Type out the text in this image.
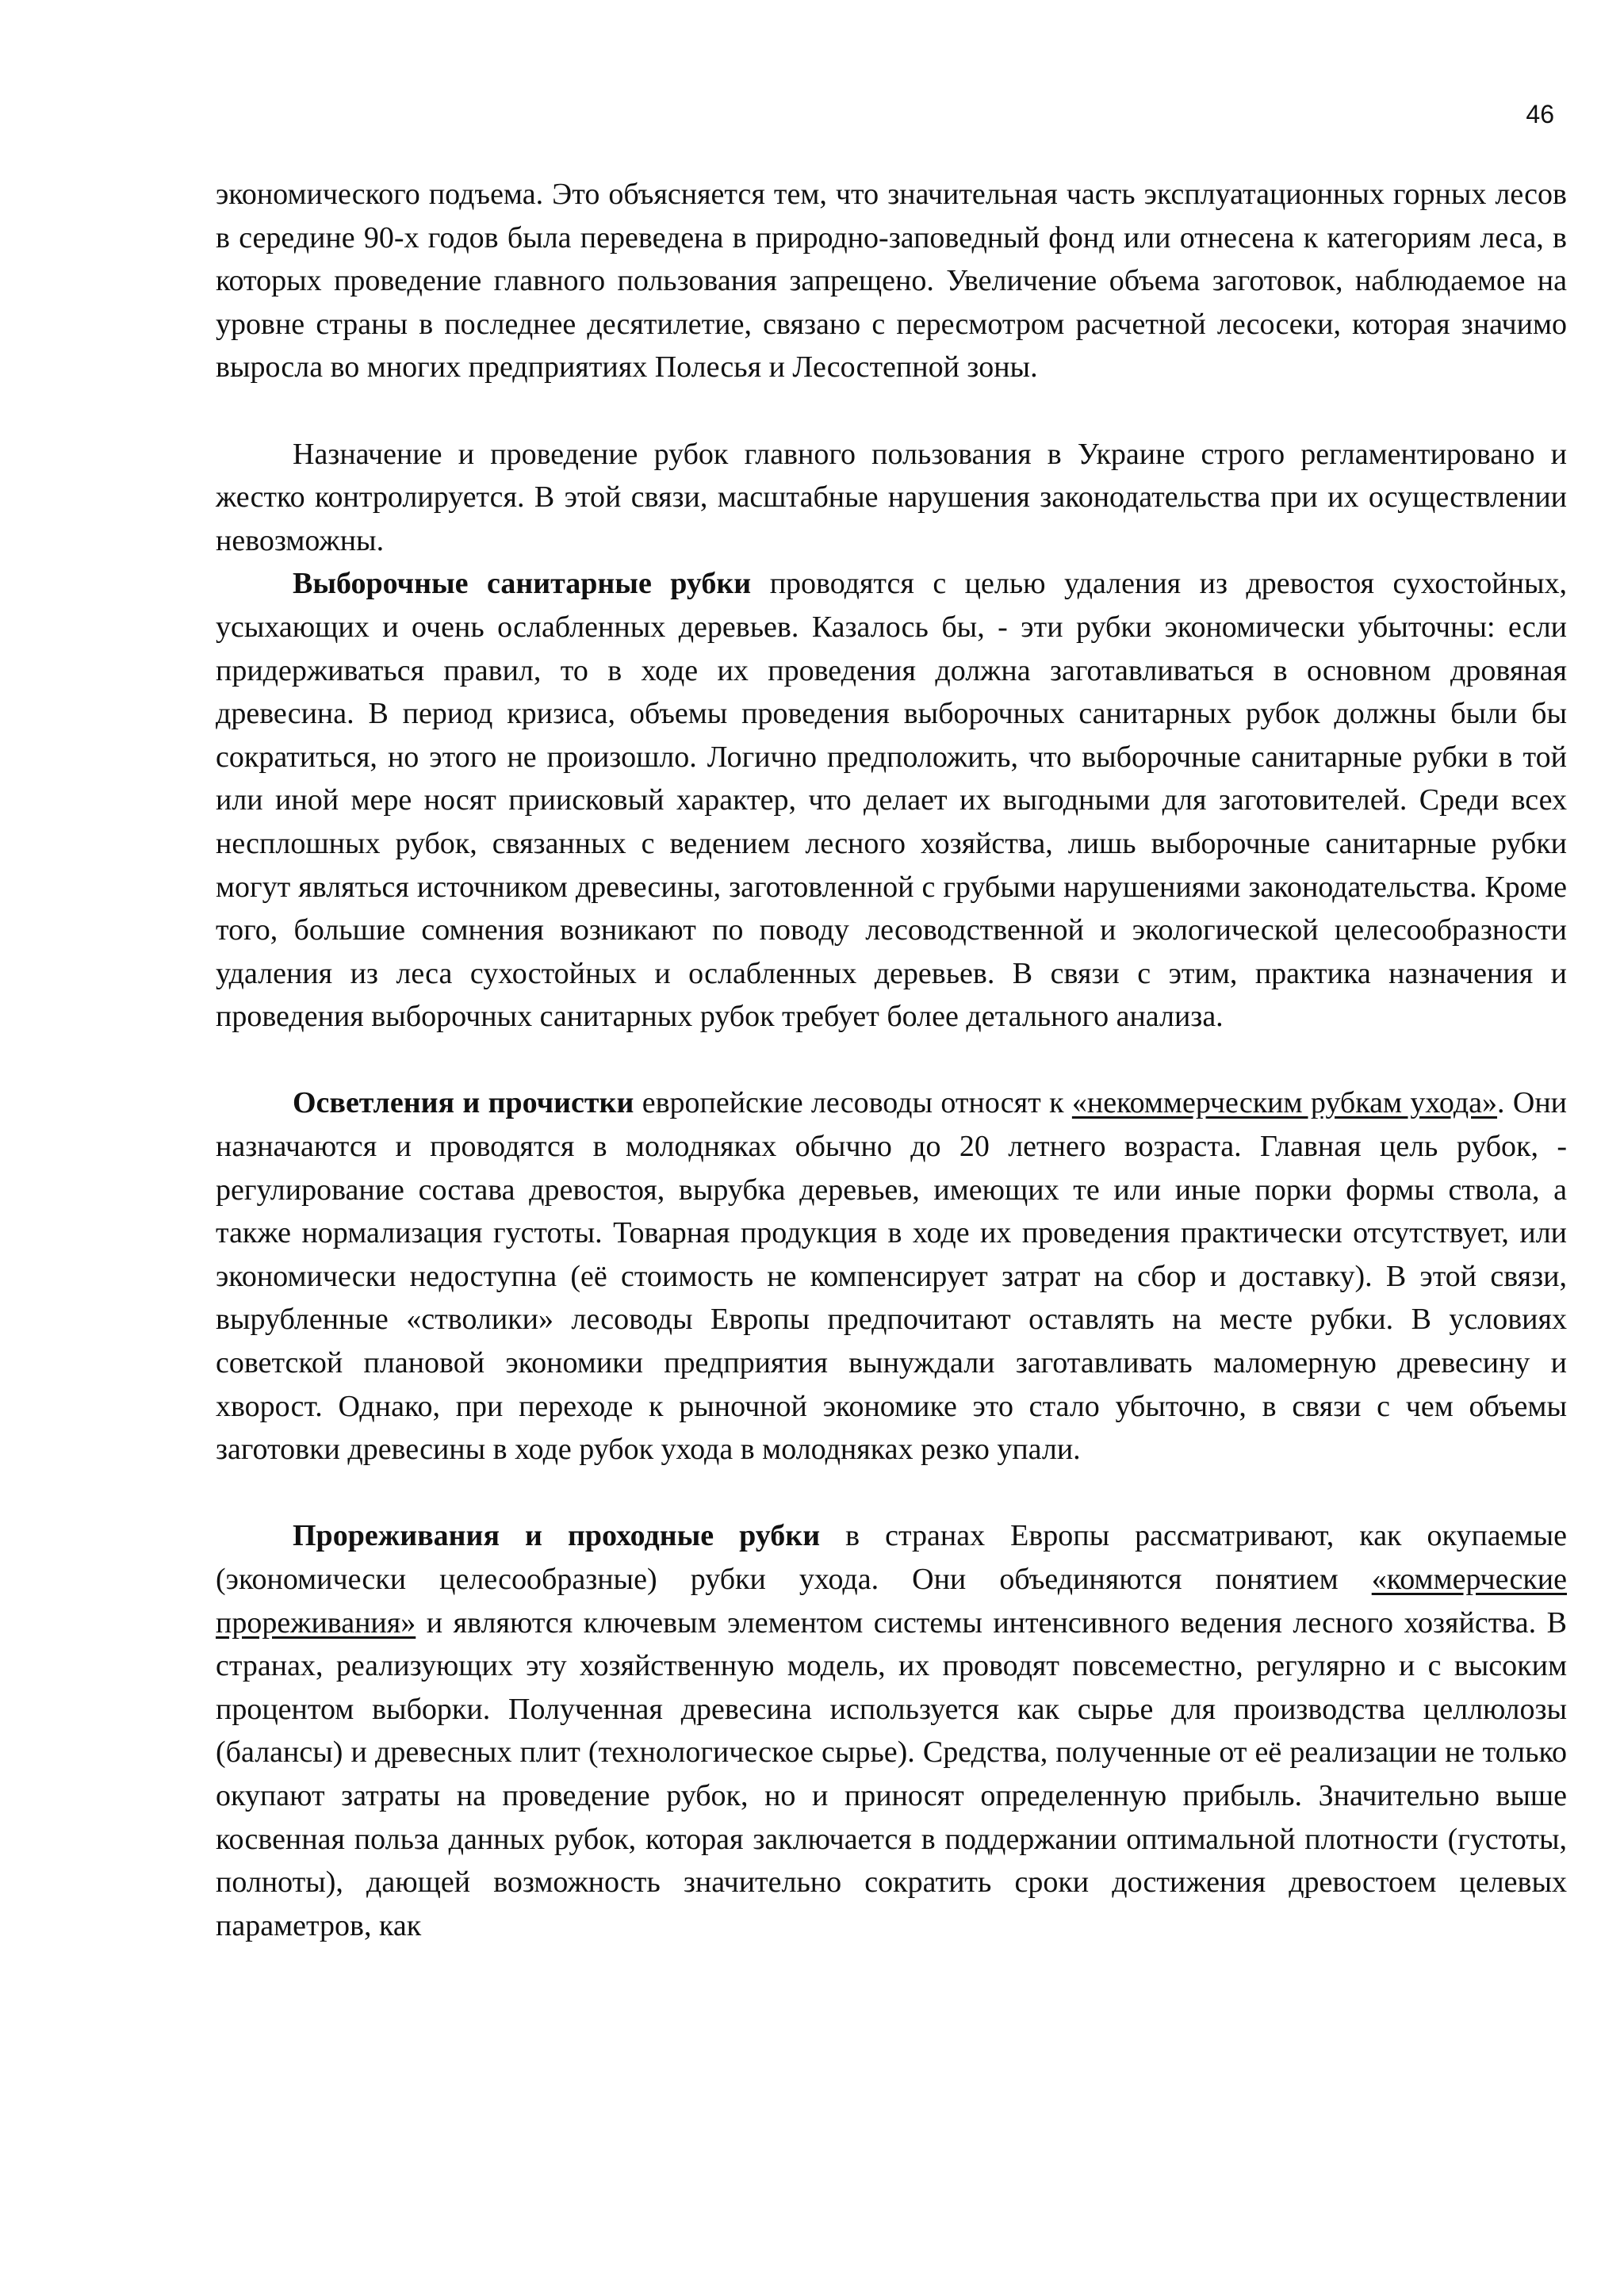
46

экономического подъема. Это объясняется тем, что значительная часть эксплуатационных горных лесов в середине 90-х годов была переведена в природно-заповедный фонд или отнесена к категориям леса, в которых проведение главного пользования запрещено. Увеличение объема заготовок, наблюдаемое на уровне страны в последнее десятилетие, связано с пересмотром расчетной лесосеки, которая значимо выросла во многих предприятиях Полесья и Лесостепной зоны.

Назначение и проведение рубок главного пользования в Украине строго регламентировано и жестко контролируется. В этой связи, масштабные нарушения законодательства при их осуществлении невозможны.

Выборочные санитарные рубки проводятся с целью удаления из древостоя сухостойных, усыхающих и очень ослабленных деревьев. Казалось бы, - эти рубки экономически убыточны: если придерживаться правил, то в ходе их проведения должна заготавливаться в основном дровяная древесина. В период кризиса, объемы проведения выборочных санитарных рубок должны были бы сократиться, но этого не произошло. Логично предположить, что выборочные санитарные рубки в той или иной мере носят приисковый характер, что делает их выгодными для заготовителей. Среди всех несплошных рубок, связанных с ведением лесного хозяйства, лишь выборочные санитарные рубки могут являться источником древесины, заготовленной с грубыми нарушениями законодательства. Кроме того, большие сомнения возникают по поводу лесоводственной и экологической целесообразности удаления из леса сухостойных и ослабленных деревьев. В связи с этим, практика назначения и проведения выборочных санитарных рубок требует более детального анализа.

Осветления и прочистки европейские лесоводы относят к «некоммерческим рубкам ухода». Они назначаются и проводятся в молодняках обычно до 20 летнего возраста. Главная цель рубок, - регулирование состава древостоя, вырубка деревьев, имеющих те или иные порки формы ствола, а также нормализация густоты. Товарная продукция в ходе их проведения практически отсутствует, или экономически недоступна (её стоимость не компенсирует затрат на сбор и доставку). В этой связи, вырубленные «стволики» лесоводы Европы предпочитают оставлять на месте рубки. В условиях советской плановой экономики предприятия вынуждали заготавливать маломерную древесину и хворост. Однако, при переходе к рыночной экономике это стало убыточно, в связи с чем объемы заготовки древесины в ходе рубок ухода в молодняках резко упали.

Прореживания и проходные рубки в странах Европы рассматривают, как окупаемые (экономически целесообразные) рубки ухода. Они объединяются понятием «коммерческие прореживания» и являются ключевым элементом системы интенсивного ведения лесного хозяйства. В странах, реализующих эту хозяйственную модель, их проводят повсеместно, регулярно и с высоким процентом выборки. Полученная древесина используется как сырье для производства целлюлозы (балансы) и древесных плит (технологическое сырье). Средства, полученные от её реализации не только окупают затраты на проведение рубок, но и приносят определенную прибыль. Значительно выше косвенная польза данных рубок, которая заключается в поддержании оптимальной плотности (густоты, полноты), дающей возможность значительно сократить сроки достижения древостоем целевых параметров, как
